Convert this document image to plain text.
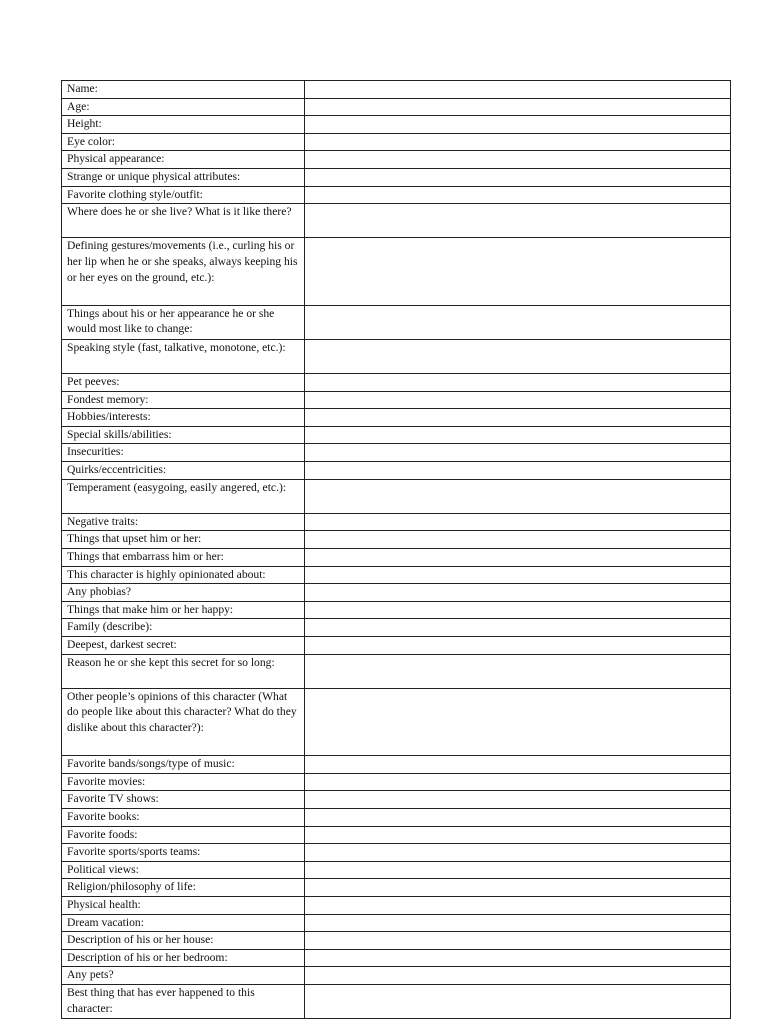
Name:	
Age:	
Height:	
Eye color:	
Physical appearance:	
Strange or unique physical attributes:	
Favorite clothing style/outfit:	
Where does he or she live? What is it like there?	
Defining gestures/movements (i.e., curling his or her lip when he or she speaks, always keeping his or her eyes on the ground, etc.):	
Things about his or her appearance he or she would most like to change:	
Speaking style (fast, talkative, monotone, etc.):	
Pet peeves:	
Fondest memory:	
Hobbies/interests:	
Special skills/abilities:	
Insecurities:	
Quirks/eccentricities:	
Temperament (easygoing, easily angered, etc.):	
Negative traits:	
Things that upset him or her:	
Things that embarrass him or her:	
This character is highly opinionated about:	
Any phobias?	
Things that make him or her happy:	
Family (describe):	
Deepest, darkest secret:	
Reason he or she kept this secret for so long:	
Other people’s opinions of this character (What do people like about this character? What do they dislike about this character?):	
Favorite bands/songs/type of music:	
Favorite movies:	
Favorite TV shows:	
Favorite books:	
Favorite foods:	
Favorite sports/sports teams:	
Political views:	
Religion/philosophy of life:	
Physical health:	
Dream vacation:	
Description of his or her house:	
Description of his or her bedroom:	
Any pets?	
Best thing that has ever happened to this character:	
